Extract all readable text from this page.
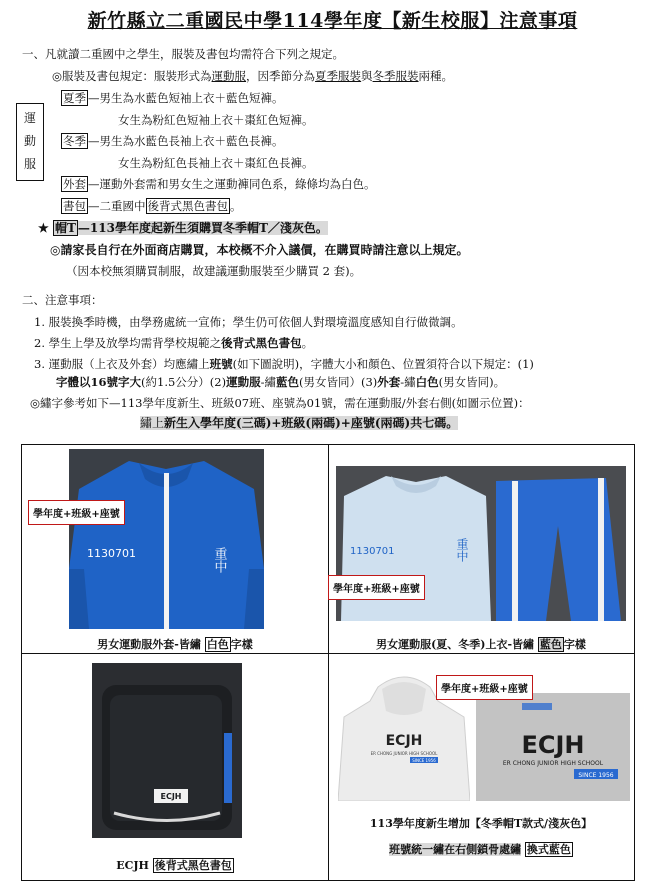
新竹縣立二重國民中學114學年度【新生校服】注意事項
一、凡就讀二重國中之學生，服裝及書包均需符合下列之規定。
◎服裝及書包規定：服裝形式為運動服，因季節分為夏季服裝與冬季服裝兩種。
運
動
服
夏季 —男生為水藍色短袖上衣＋藍色短褲。
女生為粉紅色短袖上衣＋棗紅色短褲。
冬季 —男生為水藍色長袖上衣＋藍色長褲。
女生為粉紅色長袖上衣＋棗紅色長褲。
外套 —運動外套需和男女生之運動褲同色系，綠條均為白色。
書包 —二重國中 後背式黑色書包 。
★ 帽T —113學年度起新生須購買冬季帽T／淺灰色。
◎請家長自行在外面商店購買，本校概不介入議價，在購買時請注意以上規定。
（因本校無須購買制服，故建議運動服裝至少購買 2 套)。
二、注意事項：
1. 服裝換季時機，由學務處統一宣佈；學生仍可依個人對環境溫度感知自行做微調。
2. 學生上學及放學均需背學校規範之後背式黑色書包。
3. 運動服（上衣及外套）均應繡上班號(如下圖說明)，字體大小和顏色、位置須符合以下規定：(1)
字體以16號字大(約1.5公分）(2)運動服-繡藍色(男女皆同）(3)外套-繡白色(男女皆同)。
◎繡字參考如下—113學年度新生、班級07班、座號為01號，需在運動服/外套右側(如圖示位置)：
繡上新生入學年度(三碼)+班級(兩碼)+座號(兩碼)共七碼。
1130701	重中
學年度+班級+座號
男女運動服外套-皆繡 白色 字樣
1130701	重中
學年度+班級+座號
男女運動服(夏、冬季)上衣-皆繡 藍色 字樣
ECJH
ECJH 後背式黑色書包
ECJH
ER CHONG JUNIOR HIGH SCHOOL
SINCE 1956
ECJH
ER CHONG JUNIOR HIGH SCHOOL
SINCE 1956
學年度+班級+座號
113學年度新生增加【冬季帽T款式/淺灰色】
班號統一繡在右側鎖骨處繡 換式藍色
